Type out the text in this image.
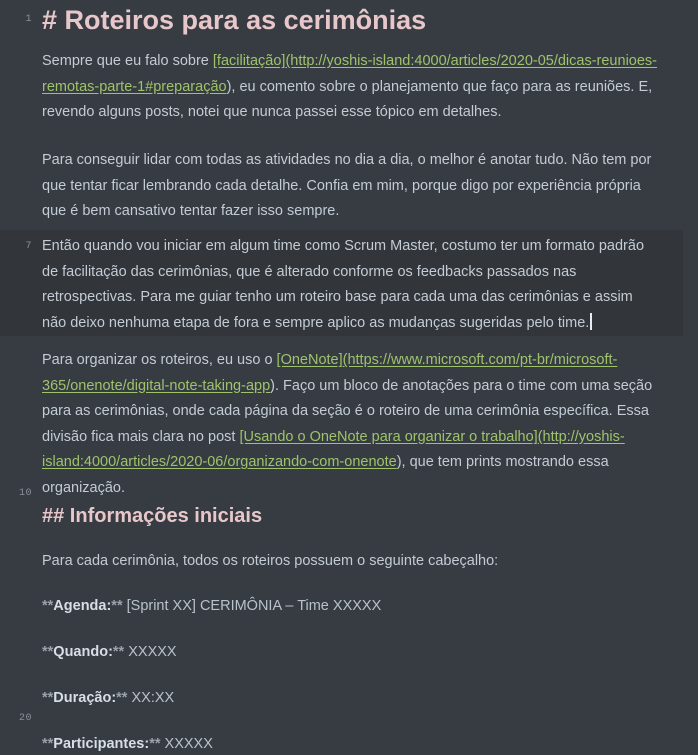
1
7
10
20
# Roteiros para as cerimônias
Sempre que eu falo sobre [facilitação](http://yoshis-island:4000/articles/2020-05/dicas-reunioes-remotas-parte-1#preparação), eu comento sobre o planejamento que faço para as reuniões. E, revendo alguns posts, notei que nunca passei esse tópico em detalhes.
Para conseguir lidar com todas as atividades no dia a dia, o melhor é anotar tudo. Não tem por que tentar ficar lembrando cada detalhe. Confia em mim, porque digo por experiência própria que é bem cansativo tentar fazer isso sempre.
Então quando vou iniciar em algum time como Scrum Master, costumo ter um formato padrão de facilitação das cerimônias, que é alterado conforme os feedbacks passados nas retrospectivas. Para me guiar tenho um roteiro base para cada uma das cerimônias e assim não deixo nenhuma etapa de fora e sempre aplico as mudanças sugeridas pelo time.
Para organizar os roteiros, eu uso o [OneNote](https://www.microsoft.com/pt-br/microsoft-365/onenote/digital-note-taking-app). Faço um bloco de anotações para o time com uma seção para as cerimônias, onde cada página da seção é o roteiro de uma cerimônia específica. Essa divisão fica mais clara no post [Usando o OneNote para organizar o trabalho](http://yoshis-island:4000/articles/2020-06/organizando-com-onenote), que tem prints mostrando essa organização.
## Informações iniciais
Para cada cerimônia, todos os roteiros possuem o seguinte cabeçalho:
**Agenda:** [Sprint XX] CERIMÔNIA – Time XXXXX
**Quando:** XXXXX
**Duração:** XX:XX
**Participantes:** XXXXX
